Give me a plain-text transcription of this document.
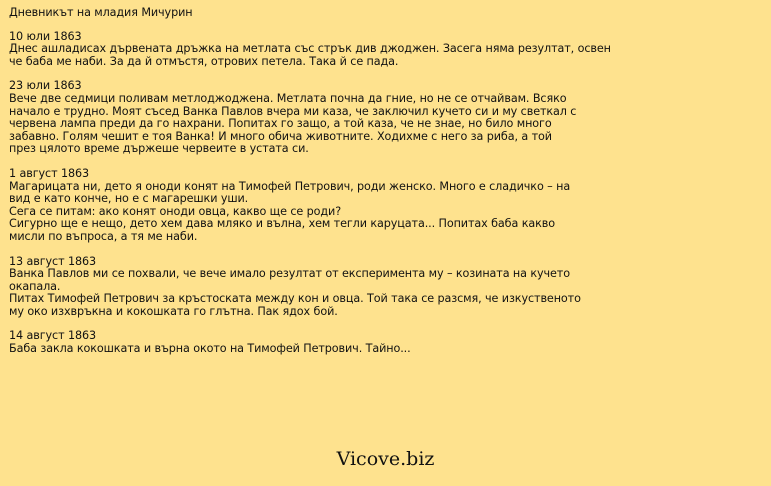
Дневникът на младия Мичурин
10 юли 1863
Днес ашладисах дървената дръжка на метлата със стрък див джоджен. Засега няма резултат, освен
че баба ме наби. За да й отмъстя, отрових петела. Така й се пада.
23 юли 1863
Вече две седмици поливам метлоджоджена. Метлата почна да гние, но не се отчайвам. Всяко
начало е трудно. Моят съсед Ванка Павлов вчера ми каза, че заключил кучето си и му светкал с
червена лампа преди да го нахрани. Попитах го защо, а той каза, че не знае, но било много
забавно. Голям чешит е тоя Ванка! И много обича животните. Ходихме с него за риба, а той
през цялото време държеше червеите в устата си.
1 август 1863
Магарицата ни, дето я оноди конят на Тимофей Петрович, роди женско. Много е сладичко – на
вид е като конче, но е с магарешки уши.
Сега се питам: ако конят оноди овца, какво ще се роди?
Сигурно ще е нещо, дето хем дава мляко и вълна, хем тегли каруцата... Попитах баба какво
мисли по въпроса, а тя ме наби.
13 август 1863
Ванка Павлов ми се похвали, че вече имало резултат от експеримента му – козината на кучето
окапала.
Питах Тимофей Петрович за кръстоската между кон и овца. Той така се разсмя, че изкуственото
му око изхвръкна и кокошката го глътна. Пак ядох бой.
14 август 1863
Баба закла кокошката и върна окото на Тимофей Петрович. Тайно...
Vicove.biz
